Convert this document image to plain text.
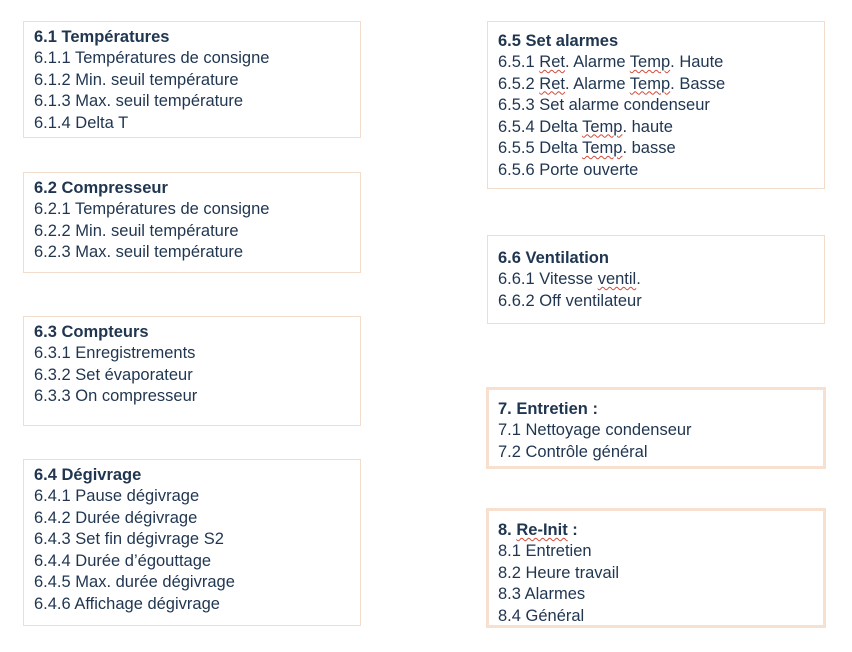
6.1 Températures
6.1.1 Températures de consigne
6.1.2 Min. seuil température
6.1.3 Max. seuil température
6.1.4 Delta T
6.2 Compresseur
6.2.1 Températures de consigne
6.2.2 Min. seuil température
6.2.3 Max. seuil température
6.3 Compteurs
6.3.1 Enregistrements
6.3.2 Set évaporateur
6.3.3 On compresseur
6.4 Dégivrage
6.4.1 Pause dégivrage
6.4.2 Durée dégivrage
6.4.3 Set fin dégivrage S2
6.4.4 Durée d’égouttage
6.4.5 Max. durée dégivrage
6.4.6 Affichage dégivrage
6.5 Set alarmes
6.5.1 Ret. Alarme Temp. Haute
6.5.2 Ret. Alarme Temp. Basse
6.5.3 Set alarme condenseur
6.5.4 Delta Temp. haute
6.5.5 Delta Temp. basse
6.5.6 Porte ouverte
6.6 Ventilation
6.6.1 Vitesse ventil.
6.6.2 Off ventilateur
7. Entretien :
7.1 Nettoyage condenseur
7.2 Contrôle général
8. Re-Init :
8.1 Entretien
8.2 Heure travail
8.3 Alarmes
8.4 Général
